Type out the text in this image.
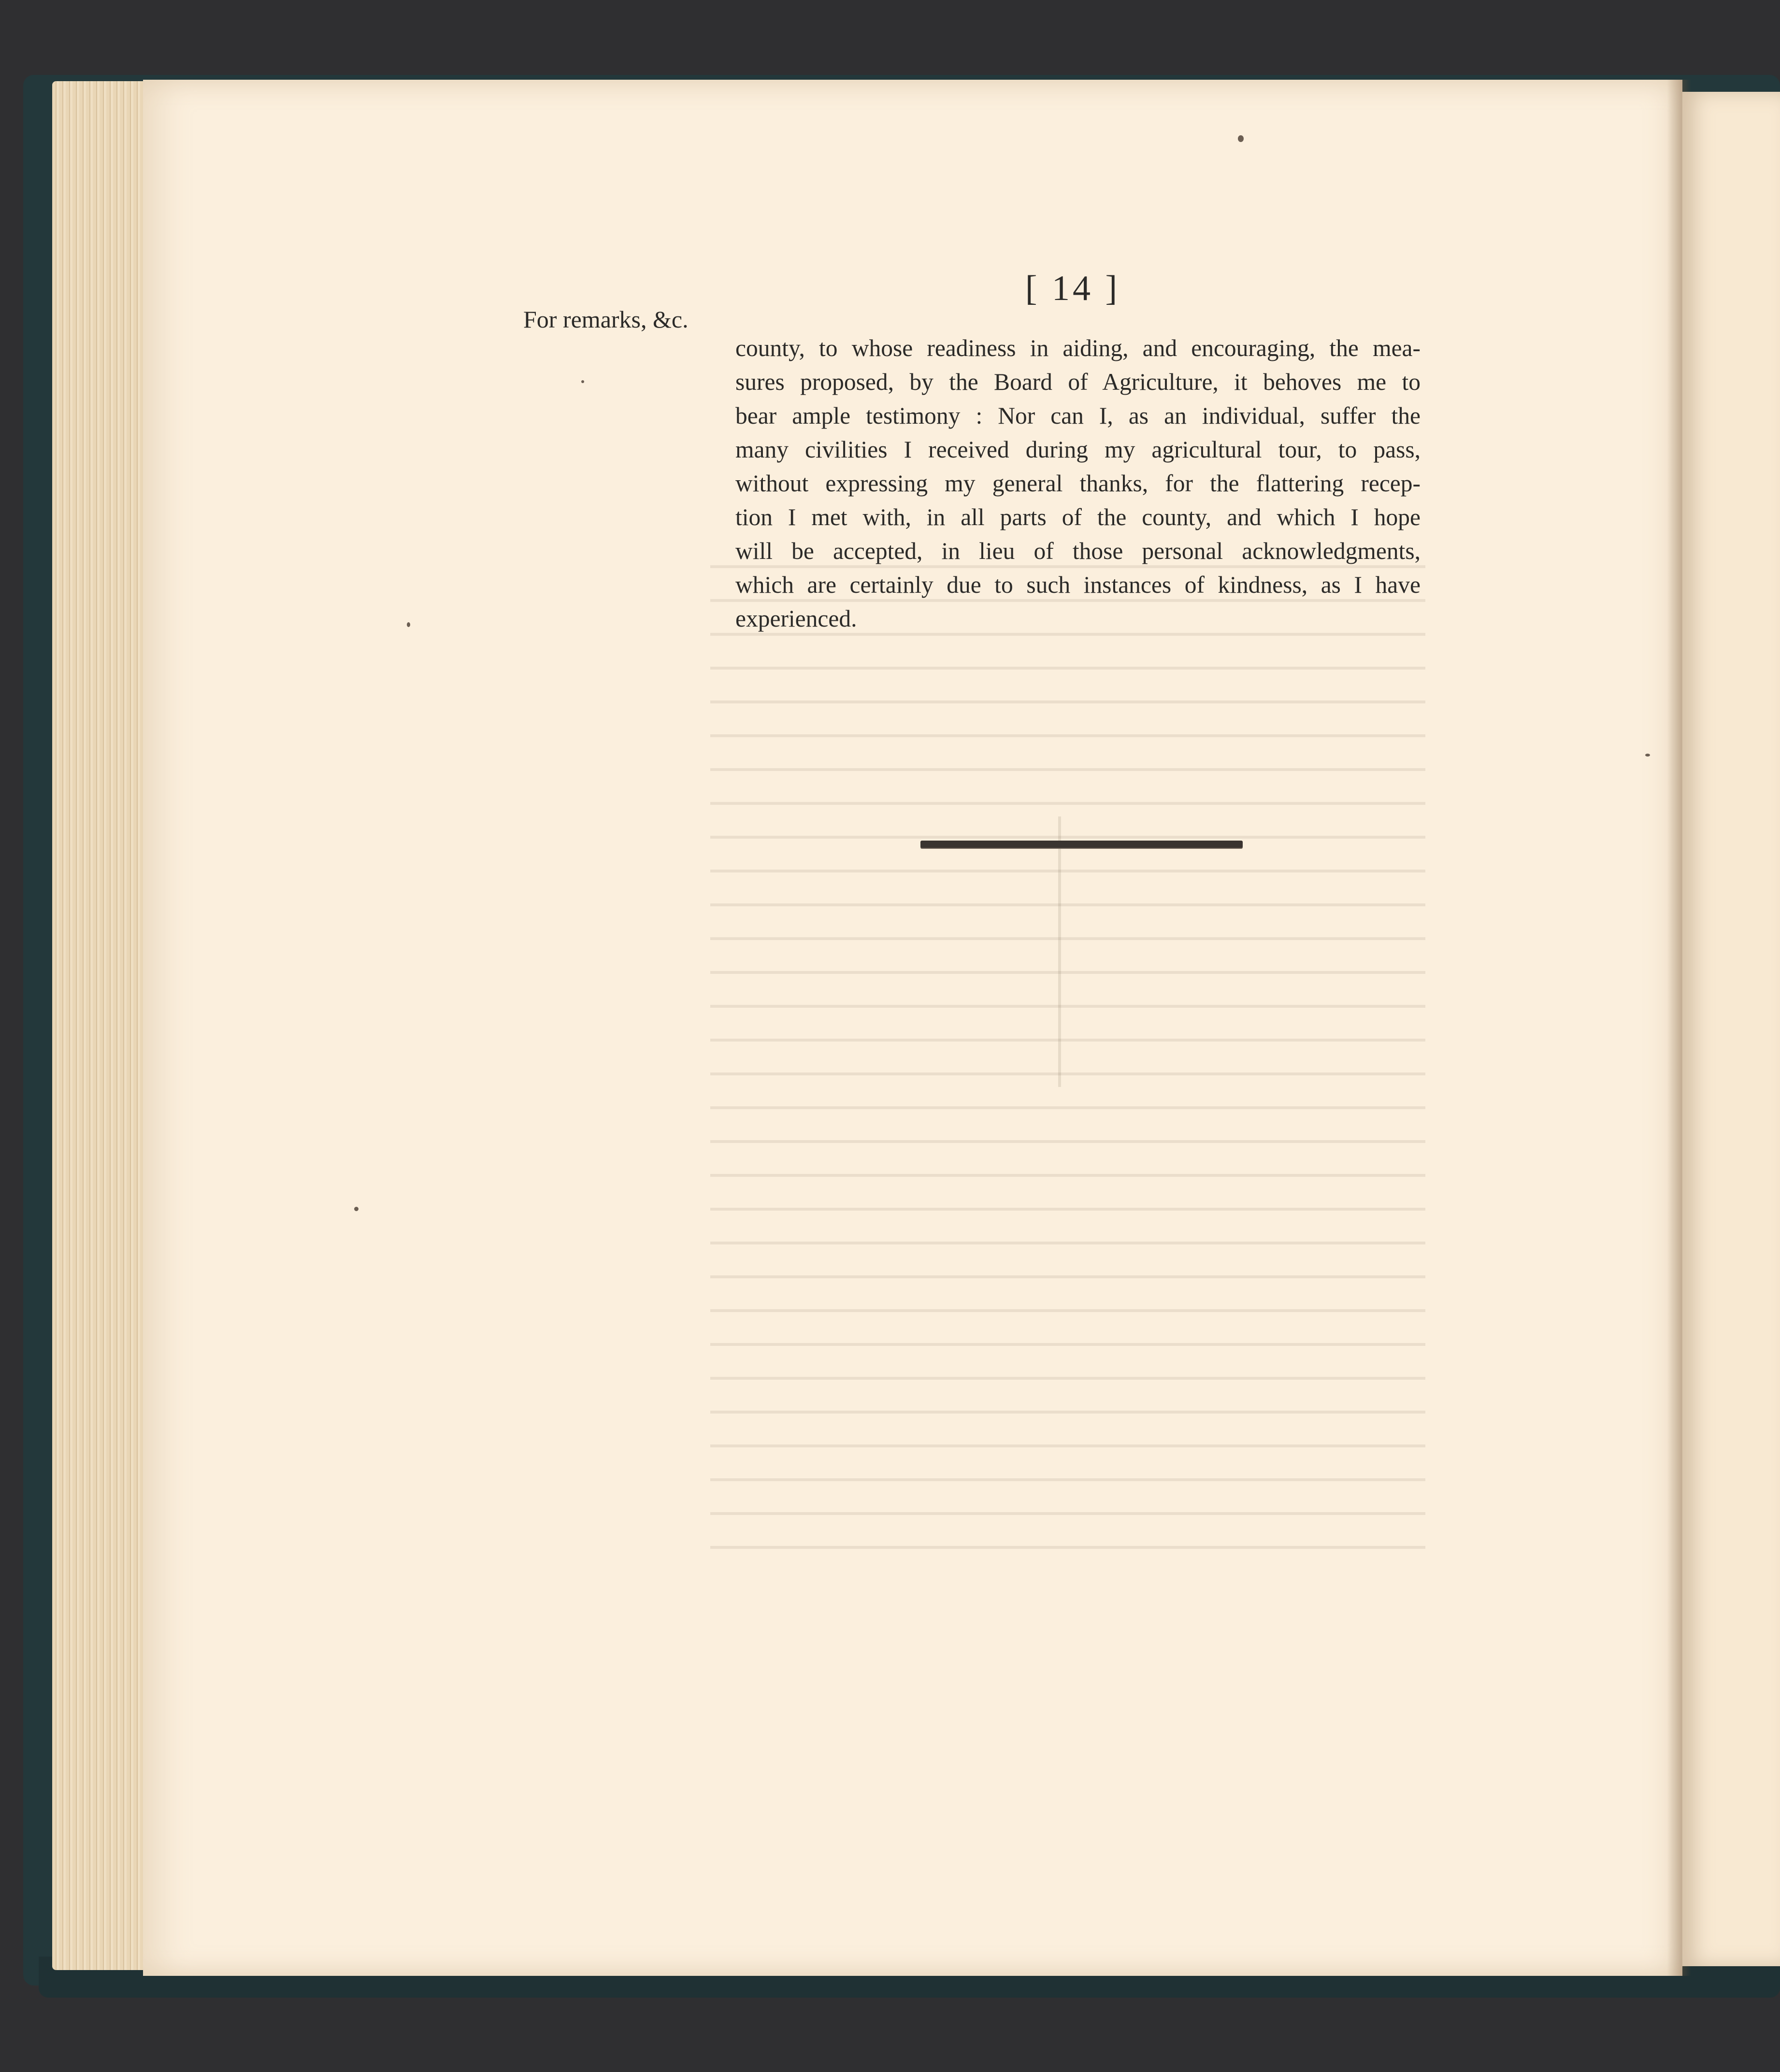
[ 14 ]
For remarks, &c.
county, to whose readiness in aiding, and encouraging, the mea-
sures proposed, by the Board of Agriculture, it behoves me to
bear ample testimony : Nor can I, as an individual, suffer the
many civilities I received during my agricultural tour, to pass,
without expressing my general thanks, for the flattering recep-
tion I met with, in all parts of the county, and which I hope
will be accepted, in lieu of those personal acknowledgments,
which are certainly due to such instances of kindness, as I have
experienced.
